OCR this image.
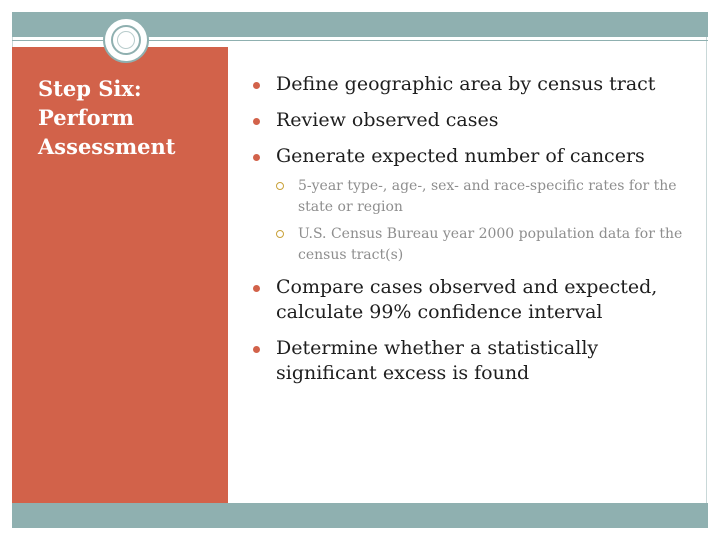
Step Six:
Perform
Assessment
Define geographic area by census tract
Review observed cases
Generate expected number of cancers
5-year type-, age-, sex- and race-specific rates for the state or region
U.S. Census Bureau year 2000 population data for the census tract(s)
Compare cases observed and expected, calculate 99% confidence interval
Determine whether a statistically significant excess is found
